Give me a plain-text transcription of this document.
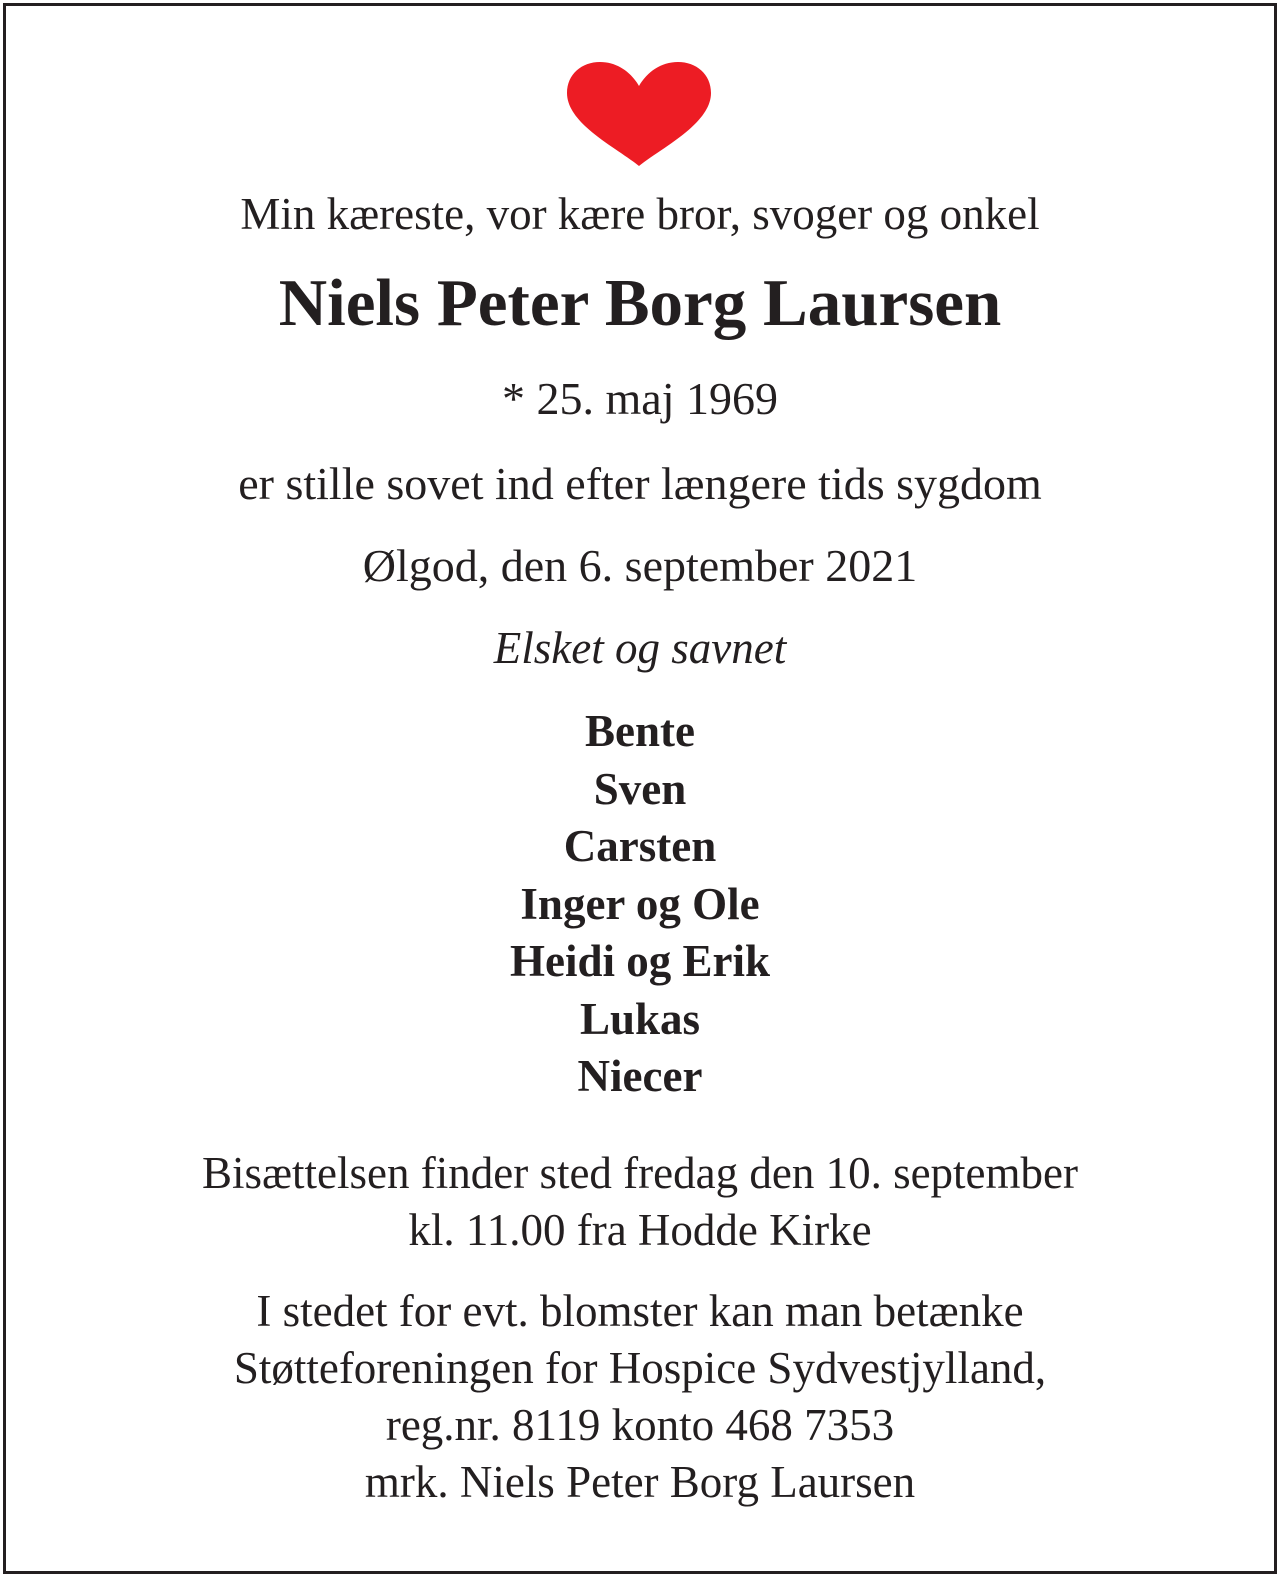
Min kæreste, vor kære bror, svoger og onkel
Niels Peter Borg Laursen
* 25. maj 1969
er stille sovet ind efter længere tids sygdom
Ølgod, den 6. september 2021
Elsket og savnet
Bente
Sven
Carsten
Inger og Ole
Heidi og Erik
Lukas
Niecer
Bisættelsen finder sted fredag den 10. september
kl. 11.00 fra Hodde Kirke
I stedet for evt. blomster kan man betænke
Støtteforeningen for Hospice Sydvestjylland,
reg.nr. 8119 konto 468 7353
mrk. Niels Peter Borg Laursen
